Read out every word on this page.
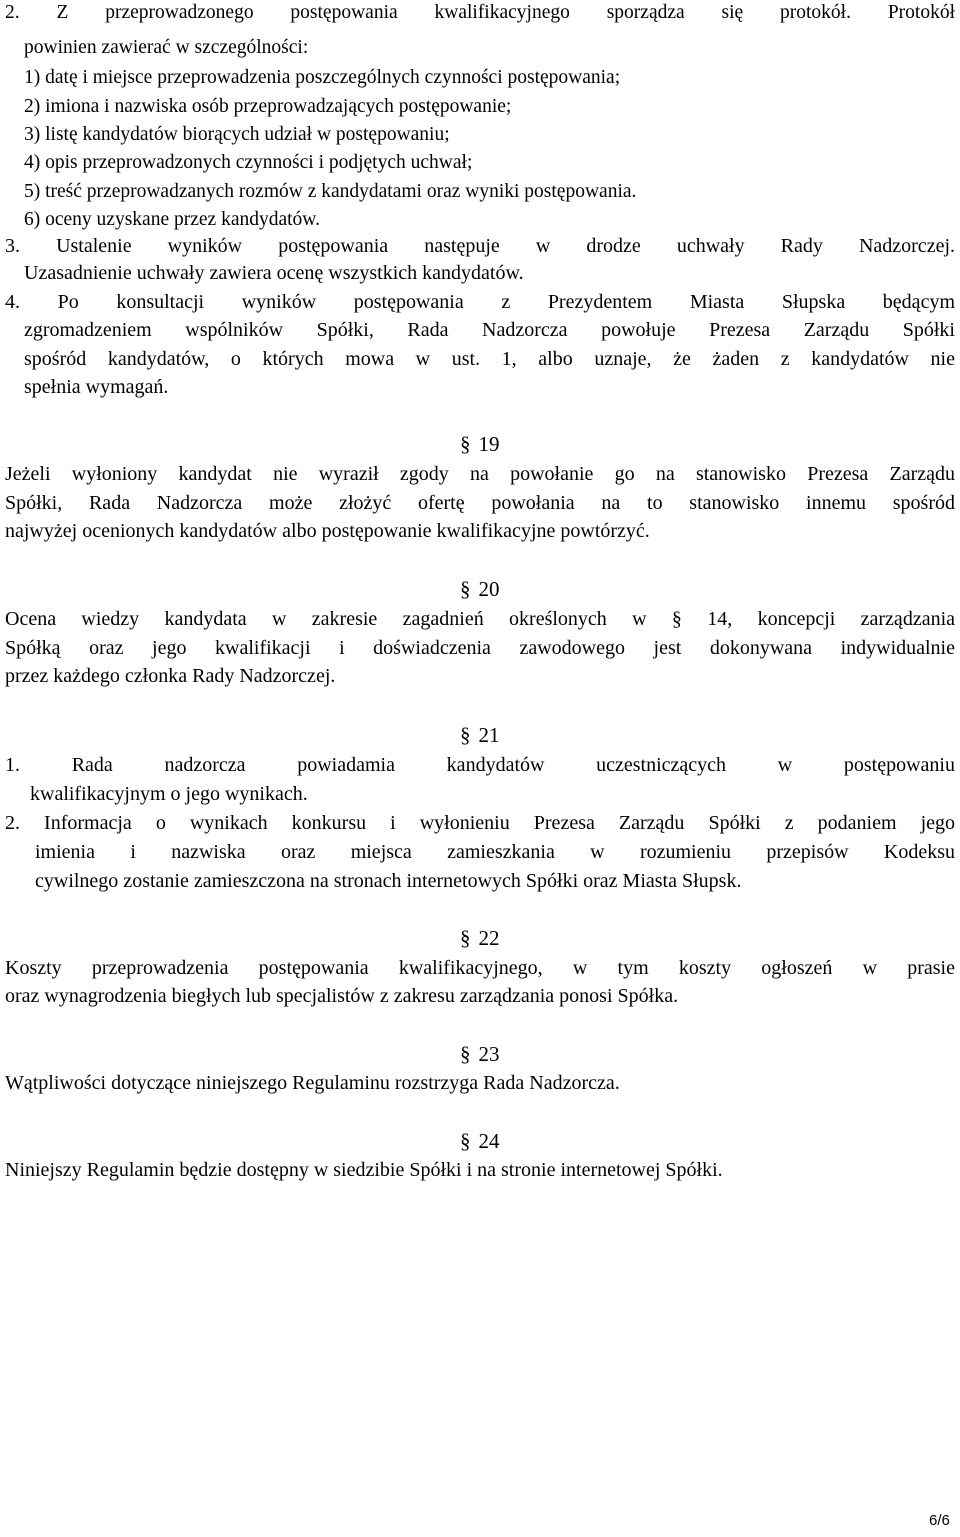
2. Z przeprowadzonego postępowania kwalifikacyjnego sporządza się protokół. Protokół
powinien zawierać w szczególności:
1) datę i miejsce przeprowadzenia poszczególnych czynności postępowania;
2) imiona i nazwiska osób przeprowadzających postępowanie;
3) listę kandydatów biorących udział w postępowaniu;
4) opis przeprowadzonych czynności i podjętych uchwał;
5) treść przeprowadzanych rozmów z kandydatami oraz wyniki postępowania.
6) oceny uzyskane przez kandydatów.
3. Ustalenie wyników postępowania następuje w drodze uchwały Rady Nadzorczej.
Uzasadnienie uchwały zawiera ocenę wszystkich kandydatów.
4. Po konsultacji wyników postępowania z Prezydentem Miasta Słupska będącym
zgromadzeniem wspólników Spółki, Rada Nadzorcza powołuje Prezesa Zarządu Spółki
spośród kandydatów, o których mowa w ust. 1, albo uznaje, że żaden z kandydatów nie
spełnia wymagań.
§ 19
Jeżeli wyłoniony kandydat nie wyraził zgody na powołanie go na stanowisko Prezesa Zarządu
Spółki, Rada Nadzorcza może złożyć ofertę powołania na to stanowisko innemu spośród
najwyżej ocenionych kandydatów albo postępowanie kwalifikacyjne powtórzyć.
§ 20
Ocena wiedzy kandydata w zakresie zagadnień określonych w § 14, koncepcji zarządzania
Spółką oraz jego kwalifikacji i doświadczenia zawodowego jest dokonywana indywidualnie
przez każdego członka Rady Nadzorczej.
§ 21
1. Rada nadzorcza powiadamia kandydatów uczestniczących w postępowaniu
kwalifikacyjnym o jego wynikach.
2. Informacja o wynikach konkursu i wyłonieniu Prezesa Zarządu Spółki z podaniem jego
imienia i nazwiska oraz miejsca zamieszkania w rozumieniu przepisów Kodeksu
cywilnego zostanie zamieszczona na stronach internetowych Spółki oraz Miasta Słupsk.
§ 22
Koszty przeprowadzenia postępowania kwalifikacyjnego, w tym koszty ogłoszeń w prasie
oraz wynagrodzenia biegłych lub specjalistów z zakresu zarządzania ponosi Spółka.
§ 23
Wątpliwości dotyczące niniejszego Regulaminu rozstrzyga Rada Nadzorcza.
§ 24
Niniejszy Regulamin będzie dostępny w siedzibie Spółki i na stronie internetowej Spółki.
6/6
